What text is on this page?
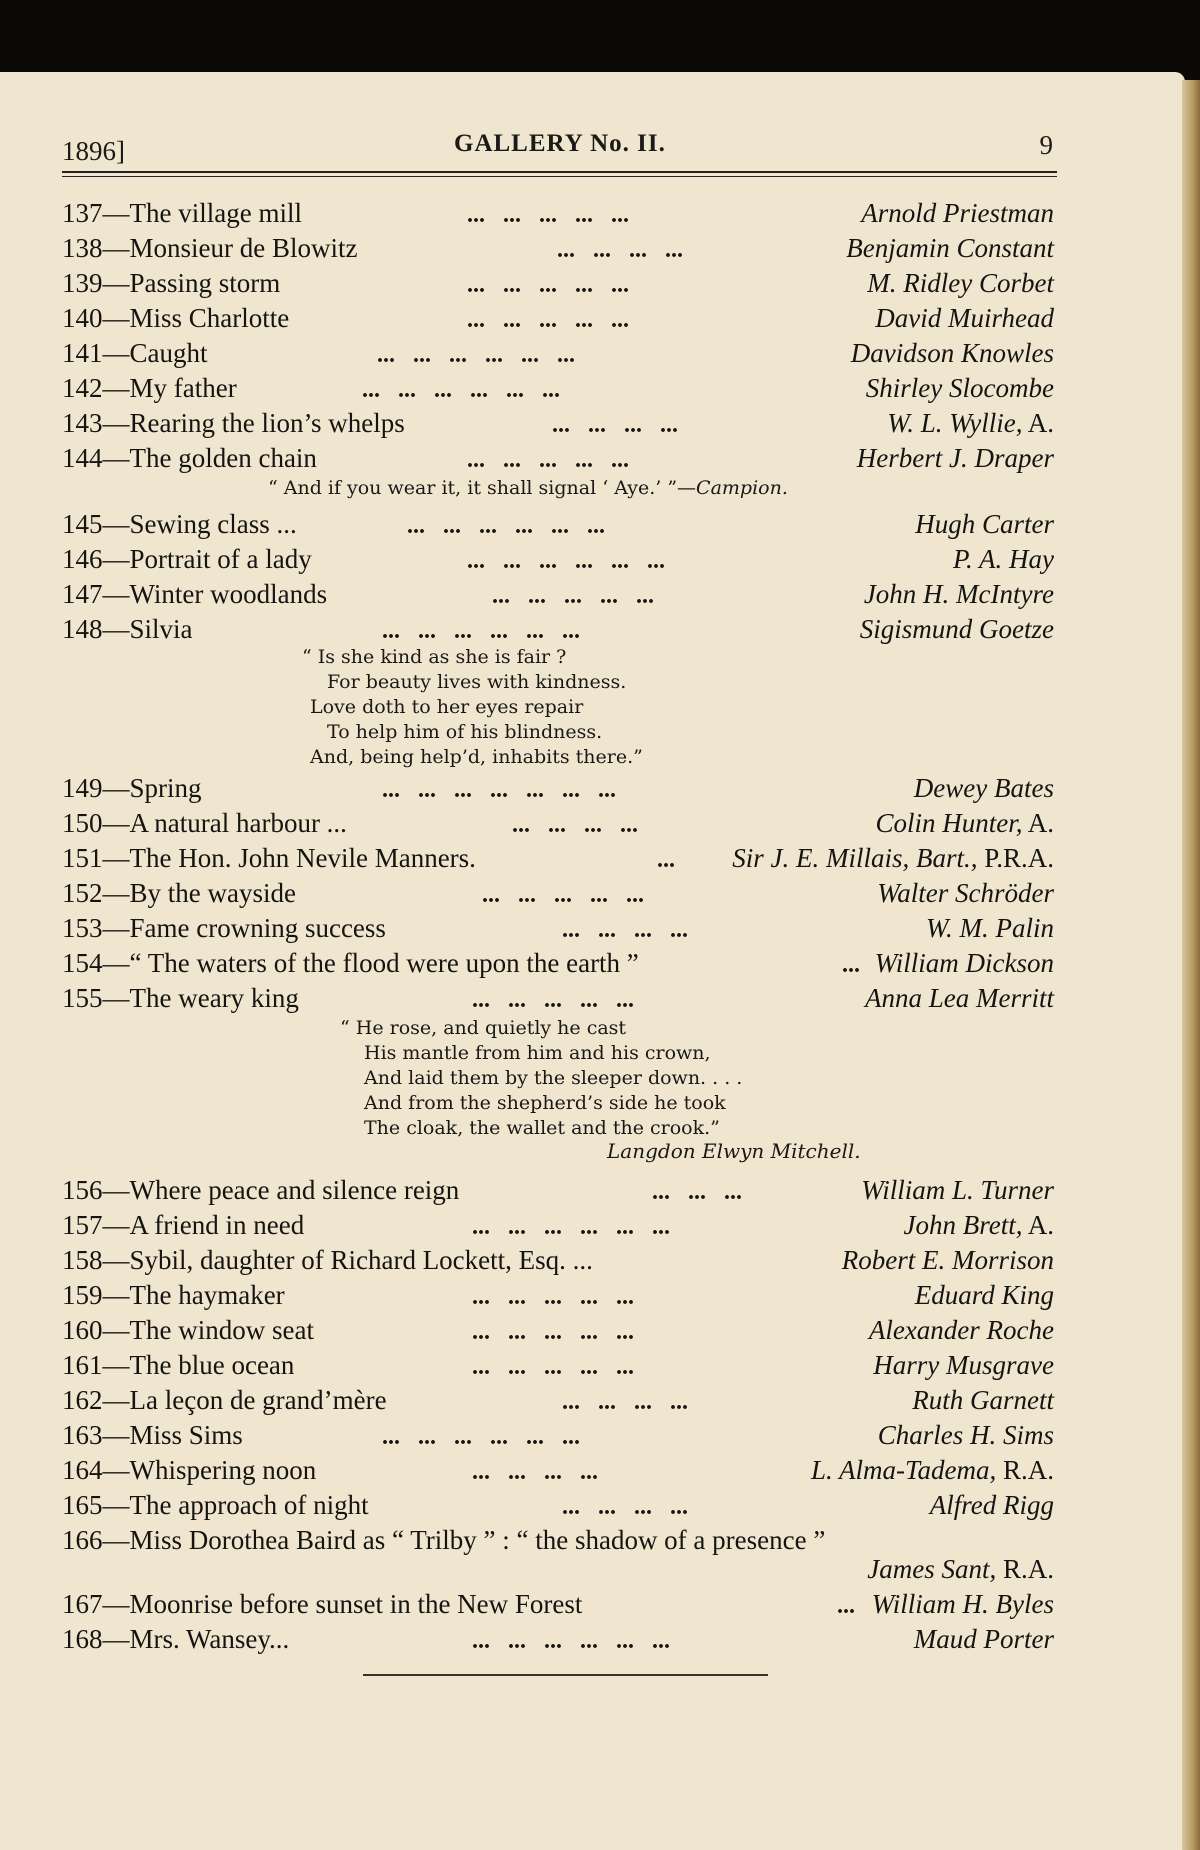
1896]	GALLERY No. II.	9
137—The village mill	...   ...   ...   ...   ...	Arnold Priestman
138—Monsieur de Blowitz	...   ...   ...   ...	Benjamin Constant
139—Passing storm	...   ...   ...   ...   ...	M. Ridley Corbet
140—Miss Charlotte	...   ...   ...   ...   ...	David Muirhead
141—Caught	...   ...   ...   ...   ...   ...	Davidson Knowles
142—My father	...   ...   ...   ...   ...   ...	Shirley Slocombe
143—Rearing the lion’s whelps	...   ...   ...   ...	W. L. Wyllie, A.
144—The golden chain	...   ...   ...   ...   ...	Herbert J. Draper
145—Sewing class ...	...   ...   ...   ...   ...   ...	Hugh Carter
146—Portrait of a lady	...   ...   ...   ...   ...   ...	P. A. Hay
147—Winter woodlands	...   ...   ...   ...   ...	John H. McIntyre
148—Silvia	...   ...   ...   ...   ...   ...	Sigismund Goetze
149—Spring	...   ...   ...   ...   ...   ...   ...	Dewey Bates
150—A natural harbour ...	...   ...   ...   ...	Colin Hunter, A.
151—The Hon. John Nevile Manners.	... Sir J. E. Millais, Bart., P.R.A.
152—By the wayside	...   ...   ...   ...   ...	Walter Schröder
153—Fame crowning success	...   ...   ...   ...	W. M. Palin
154—“ The waters of the flood were upon the earth ”	... William Dickson
155—The weary king	...   ...   ...   ...   ...	Anna Lea Merritt
156—Where peace and silence reign	...   ...   ...	William L. Turner
157—A friend in need	...   ...   ...   ...   ...   ...	John Brett, A.
158—Sybil, daughter of Richard Lockett, Esq. ...	Robert E. Morrison
159—The haymaker	...   ...   ...   ...   ...	Eduard King
160—The window seat	...   ...   ...   ...   ...	Alexander Roche
161—The blue ocean	...   ...   ...   ...   ...	Harry Musgrave
162—La leçon de grand’mère	...   ...   ...   ...	Ruth Garnett
163—Miss Sims	...   ...   ...   ...   ...   ...	Charles H. Sims
164—Whispering noon	...   ...   ...   ...	L. Alma-Tadema, R.A.
165—The approach of night	...   ...   ...   ...	Alfred Rigg
166—Miss Dorothea Baird as “ Trilby ” : “ the shadow of a presence ”
James Sant, R.A.
167—Moonrise before sunset in the New Forest	... William H. Byles
168—Mrs. Wansey...	...   ...   ...   ...   ...   ...	Maud Porter
“ And if you wear it, it shall signal ‘ Aye.’ ”—Campion.
“ Is she kind as she is fair ?
For beauty lives with kindness.
Love doth to her eyes repair
To help him of his blindness.
And, being help’d, inhabits there.”
“ He rose, and quietly he cast
His mantle from him and his crown,
And laid them by the sleeper down. . . .
And from the shepherd’s side he took
The cloak, the wallet and the crook.”
Langdon Elwyn Mitchell.
